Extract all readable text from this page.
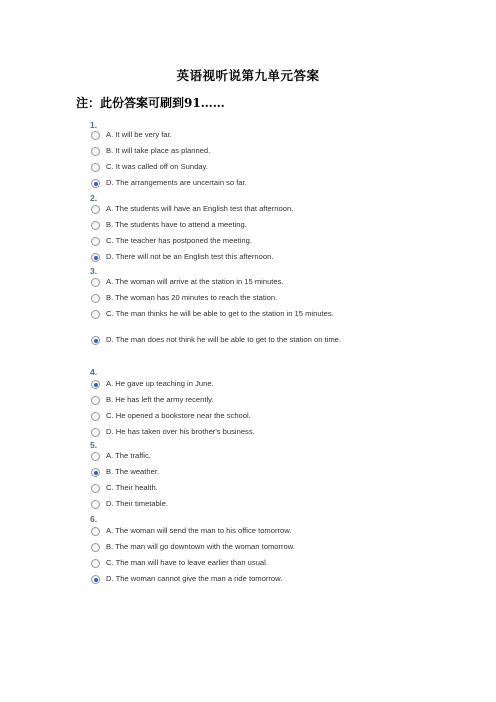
英语视听说第九单元答案
注：此份答案可刷到91……
1.
A. It will be very far.
B. It will take place as planned.
C. It was called off on Sunday.
D. The arrangements are uncertain so far.
2.
A. The students will have an English test that afternoon.
B. The students have to attend a meeting.
C. The teacher has postponed the meeting.
D. There will not be an English test this afternoon.
3.
A. The woman will arrive at the station in 15 minutes.
B. The woman has 20 minutes to reach the station.
C. The man thinks he will be able to get to the station in 15 minutes.
D. The man does not think he will be able to get to the station on time.
4.
A. He gave up teaching in June.
B. He has left the army recently.
C. He opened a bookstore near the school.
D. He has taken over his brother's business.
5.
A. The traffic.
B. The weather.
C. Their health.
D. Their timetable.
6.
A. The woman will send the man to his office tomorrow.
B. The man will go downtown with the woman tomorrow.
C. The man will have to leave earlier than usual.
D. The woman cannot give the man a ride tomorrow.
